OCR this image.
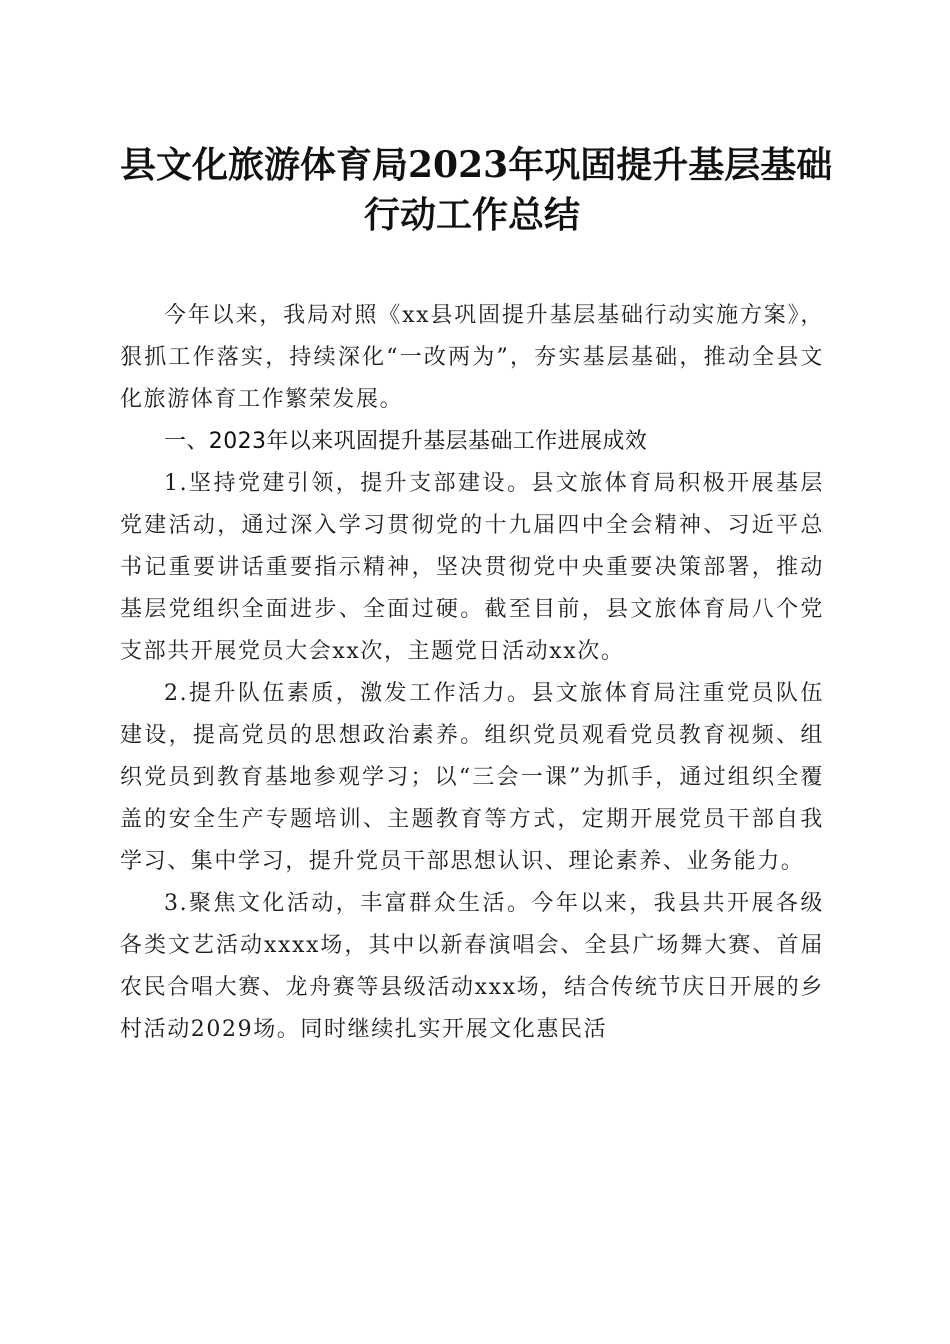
县文化旅游体育局2023年巩固提升基层基础
行动工作总结

今年以来，我局对照《xx县巩固提升基层基础行动实施方案》，狠抓工作落实，持续深化“一改两为”，夯实基层基础，推动全县文化旅游体育工作繁荣发展。

一、2023年以来巩固提升基层基础工作进展成效

1.坚持党建引领，提升支部建设。县文旅体育局积极开展基层党建活动，通过深入学习贯彻党的十九届四中全会精神、习近平总书记重要讲话重要指示精神，坚决贯彻党中央重要决策部署，推动基层党组织全面进步、全面过硬。截至目前，县文旅体育局八个党支部共开展党员大会xx次，主题党日活动xx次。

2.提升队伍素质，激发工作活力。县文旅体育局注重党员队伍建设，提高党员的思想政治素养。组织党员观看党员教育视频、组织党员到教育基地参观学习；以“三会一课”为抓手，通过组织全覆盖的安全生产专题培训、主题教育等方式，定期开展党员干部自我学习、集中学习，提升党员干部思想认识、理论素养、业务能力。

3.聚焦文化活动，丰富群众生活。今年以来，我县共开展各级各类文艺活动xxxx场，其中以新春演唱会、全县广场舞大赛、首届农民合唱大赛、龙舟赛等县级活动xxx场，结合传统节庆日开展的乡村活动2029场。同时继续扎实开展文化惠民活
